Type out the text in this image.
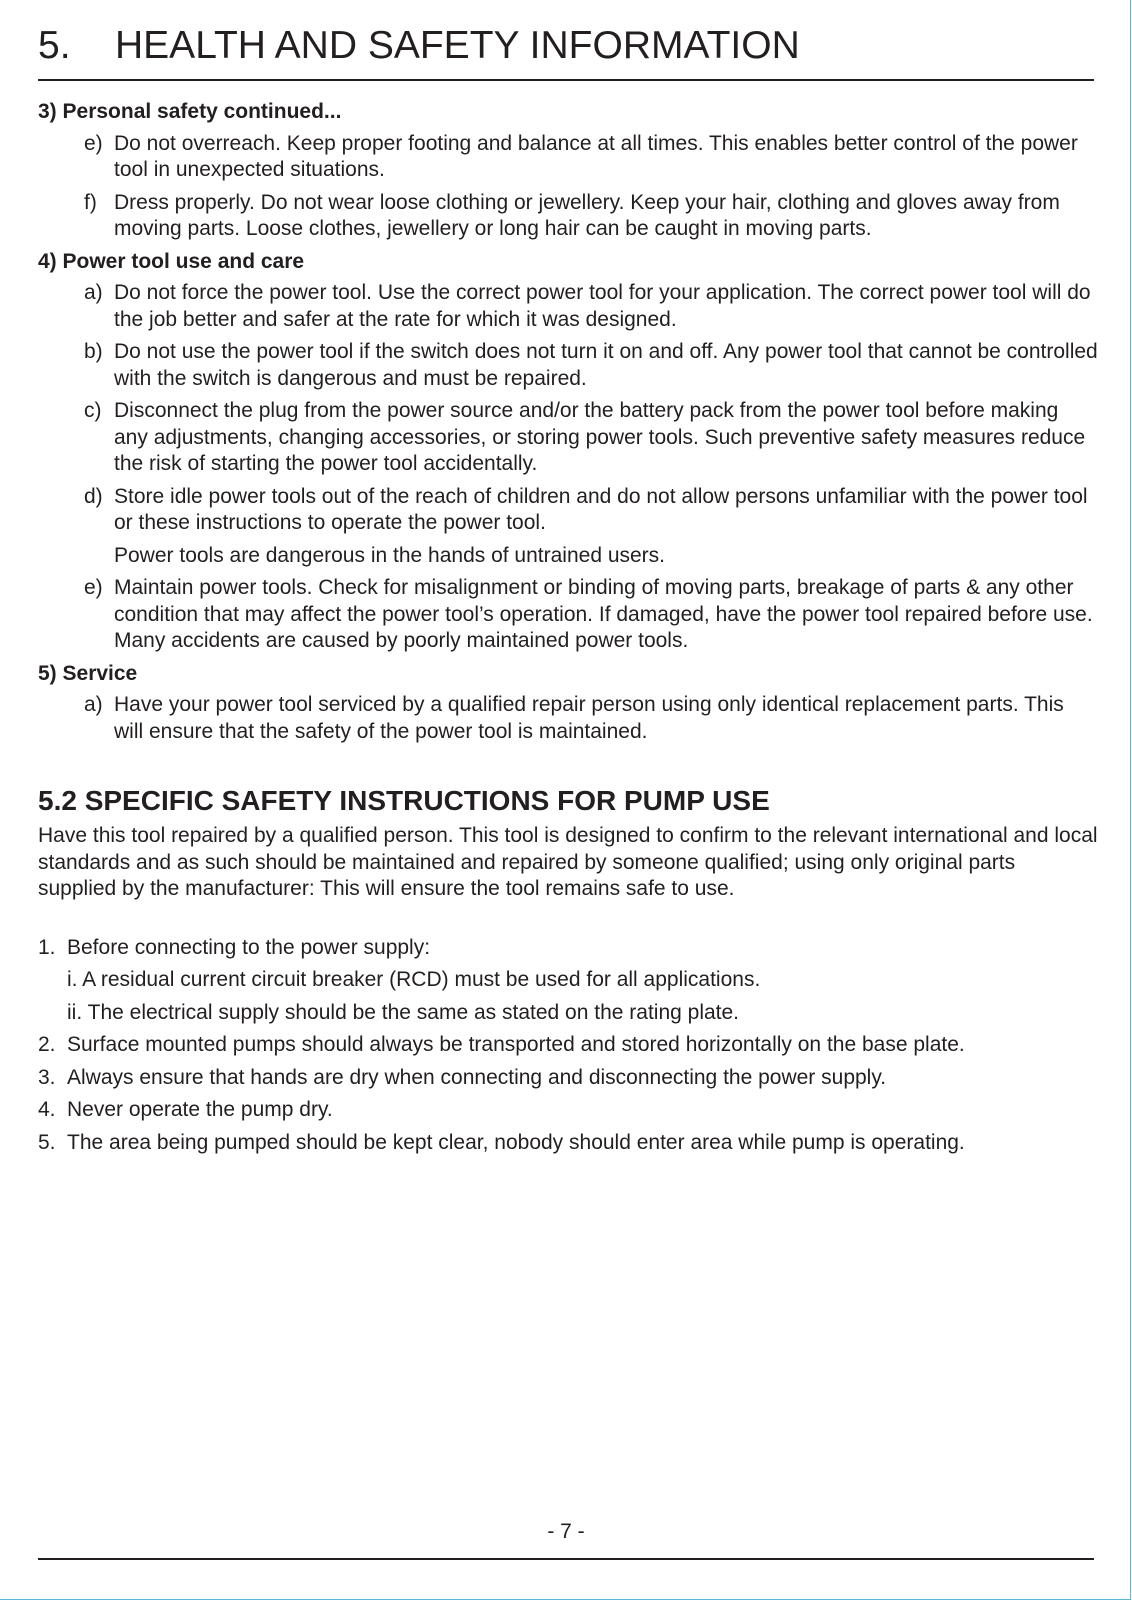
5. HEALTH AND SAFETY INFORMATION

3) Personal safety continued...

e) Do not overreach. Keep proper footing and balance at all times. This enables better control of the power tool in unexpected situations.
f) Dress properly. Do not wear loose clothing or jewellery. Keep your hair, clothing and gloves away from moving parts. Loose clothes, jewellery or long hair can be caught in moving parts.

4) Power tool use and care

a) Do not force the power tool. Use the correct power tool for your application. The correct power tool will do the job better and safer at the rate for which it was designed.
b) Do not use the power tool if the switch does not turn it on and off. Any power tool that cannot be controlled with the switch is dangerous and must be repaired.
c) Disconnect the plug from the power source and/or the battery pack from the power tool before making any adjustments, changing accessories, or storing power tools. Such preventive safety measures reduce the risk of starting the power tool accidentally.
d) Store idle power tools out of the reach of children and do not allow persons unfamiliar with the power tool or these instructions to operate the power tool.
Power tools are dangerous in the hands of untrained users.
e) Maintain power tools. Check for misalignment or binding of moving parts, breakage of parts & any other condition that may affect the power tool’s operation. If damaged, have the power tool repaired before use. Many accidents are caused by poorly maintained power tools.

5) Service

a) Have your power tool serviced by a qualified repair person using only identical replacement parts. This will ensure that the safety of the power tool is maintained.
5.2 SPECIFIC SAFETY INSTRUCTIONS FOR PUMP USE

Have this tool repaired by a qualified person. This tool is designed to confirm to the relevant international and local standards and as such should be maintained and repaired by someone qualified; using only original parts supplied by the manufacturer: This will ensure the tool remains safe to use.

1. Before connecting to the power supply:
i. A residual current circuit breaker (RCD) must be used for all applications.
ii. The electrical supply should be the same as stated on the rating plate.
2. Surface mounted pumps should always be transported and stored horizontally on the base plate.
3. Always ensure that hands are dry when connecting and disconnecting the power supply.
4. Never operate the pump dry.
5. The area being pumped should be kept clear, nobody should enter area while pump is operating.
- 7 -
